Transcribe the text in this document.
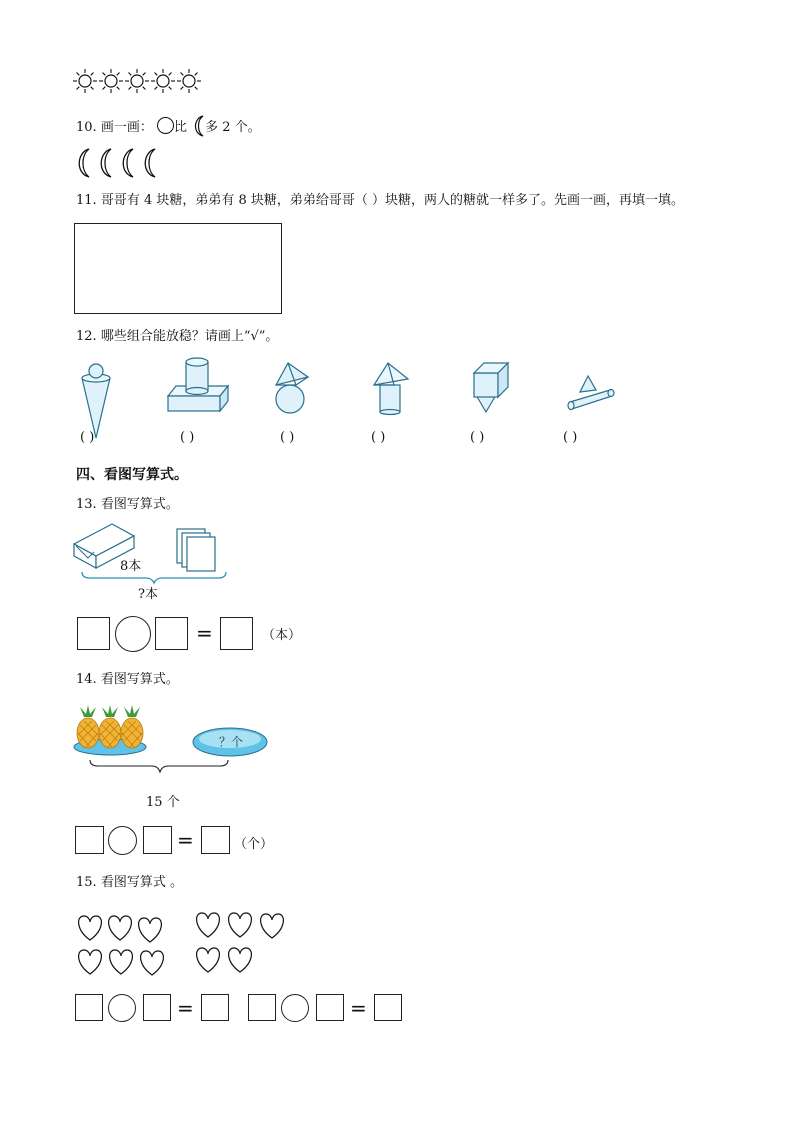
10. 画一画： 比 多 2 个。
11. 哥哥有 4 块糖，弟弟有 8 块糖，弟弟给哥哥（ ）块糖，两人的糖就一样多了。先画一画，再填一填。
12. 哪些组合能放稳？请画上“√”。
( )	( )	( )	( )	( )	( )
四、看图写算式。
13. 看图写算式。
8本
?本
=	（本）
14. 看图写算式。
？个
15 个
=	（个）
15. 看图写算式 。
=	=
